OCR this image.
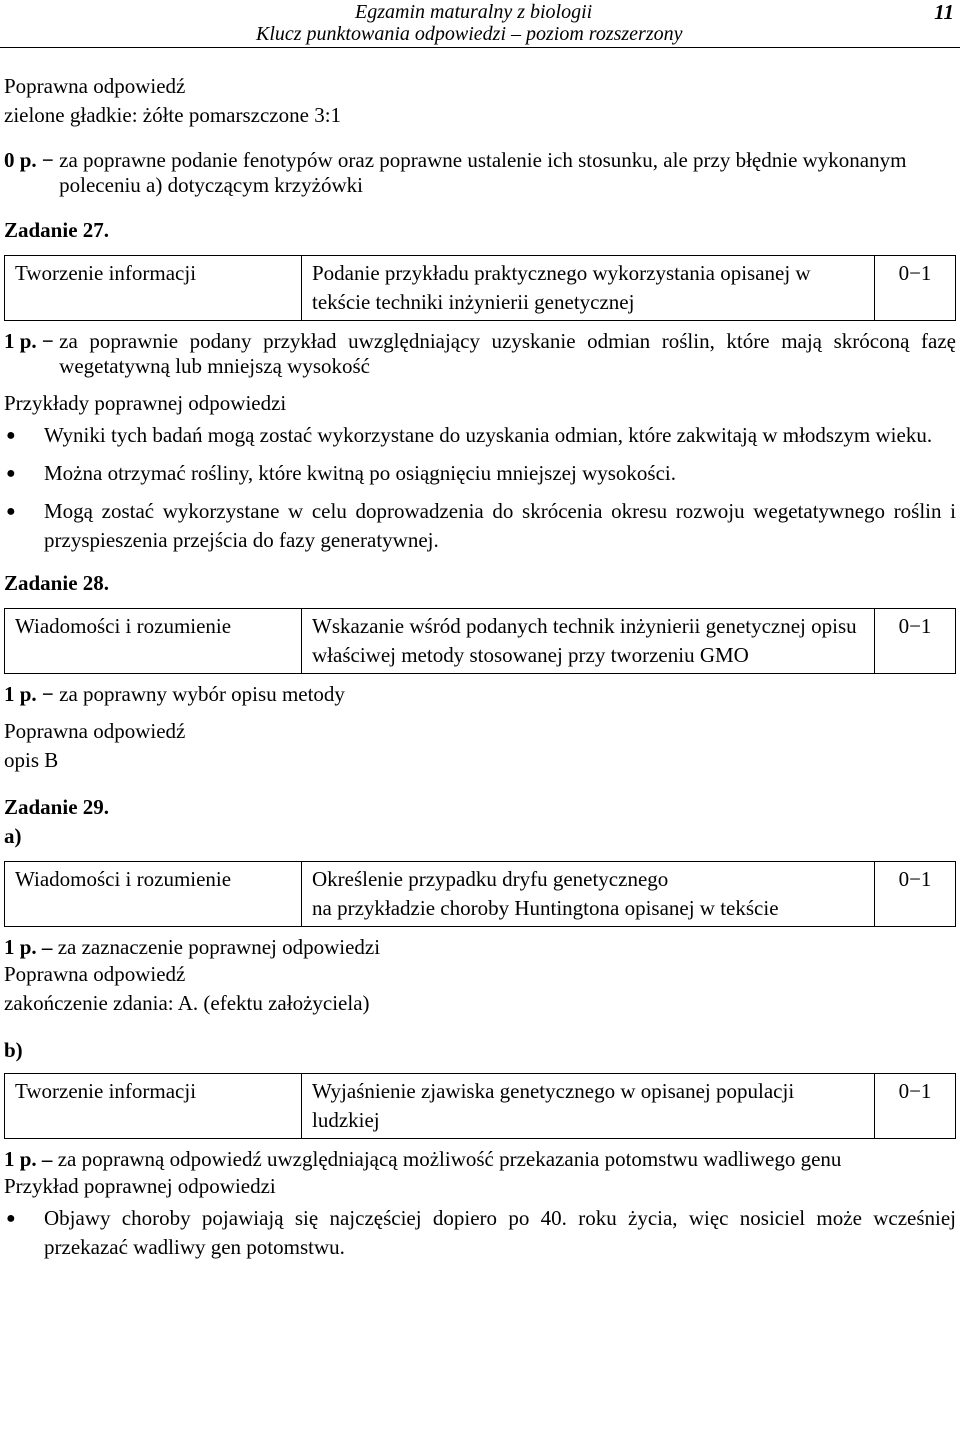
Egzamin maturalny z biologii
Klucz punktowania odpowiedzi – poziom rozszerzony
11

Poprawna odpowiedź

zielone gładkie: żółte pomarszczone 3:1

0 p. − za poprawne podanie fenotypów oraz poprawne ustalenie ich stosunku, ale przy błędnie wykonanym poleceniu a) dotyczącym krzyżówki

Zadanie 27.

Tworzenie informacji	Podanie przykładu praktycznego wykorzystania opisanej w tekście techniki inżynierii genetycznej	0−1
1 p. − za poprawnie podany przykład uwzględniający uzyskanie odmian roślin, które mają skróconą fazę wegetatywną lub mniejszą wysokość

Przykłady poprawnej odpowiedzi

●	Wyniki tych badań mogą zostać wykorzystane do uzyskania odmian, które zakwitają w młodszym wieku.
●	Można otrzymać rośliny, które kwitną po osiągnięciu mniejszej wysokości.
●	Mogą zostać wykorzystane w celu doprowadzenia do skrócenia okresu rozwoju wegetatywnego roślin i przyspieszenia przejścia do fazy generatywnej.

Zadanie 28.

Wiadomości i rozumienie	Wskazanie wśród podanych technik inżynierii genetycznej opisu właściwej metody stosowanej przy tworzeniu GMO	0−1
1 p. − za poprawny wybór opisu metody

Poprawna odpowiedź

opis B

Zadanie 29.

a)

Wiadomości i rozumienie	Określenie przypadku dryfu genetycznego
na przykładzie choroby Huntingtona opisanej w tekście
	0−1
1 p. – za zaznaczenie poprawnej odpowiedzi

Poprawna odpowiedź

zakończenie zdania: A. (efektu założyciela)

b)

Tworzenie informacji	Wyjaśnienie zjawiska genetycznego w opisanej populacji ludzkiej	0−1
1 p. – za poprawną odpowiedź uwzględniającą możliwość przekazania potomstwu wadliwego genu

Przykład poprawnej odpowiedzi

●	Objawy choroby pojawiają się najczęściej dopiero po 40. roku życia, więc nosiciel może wcześniej przekazać wadliwy gen potomstwu.
